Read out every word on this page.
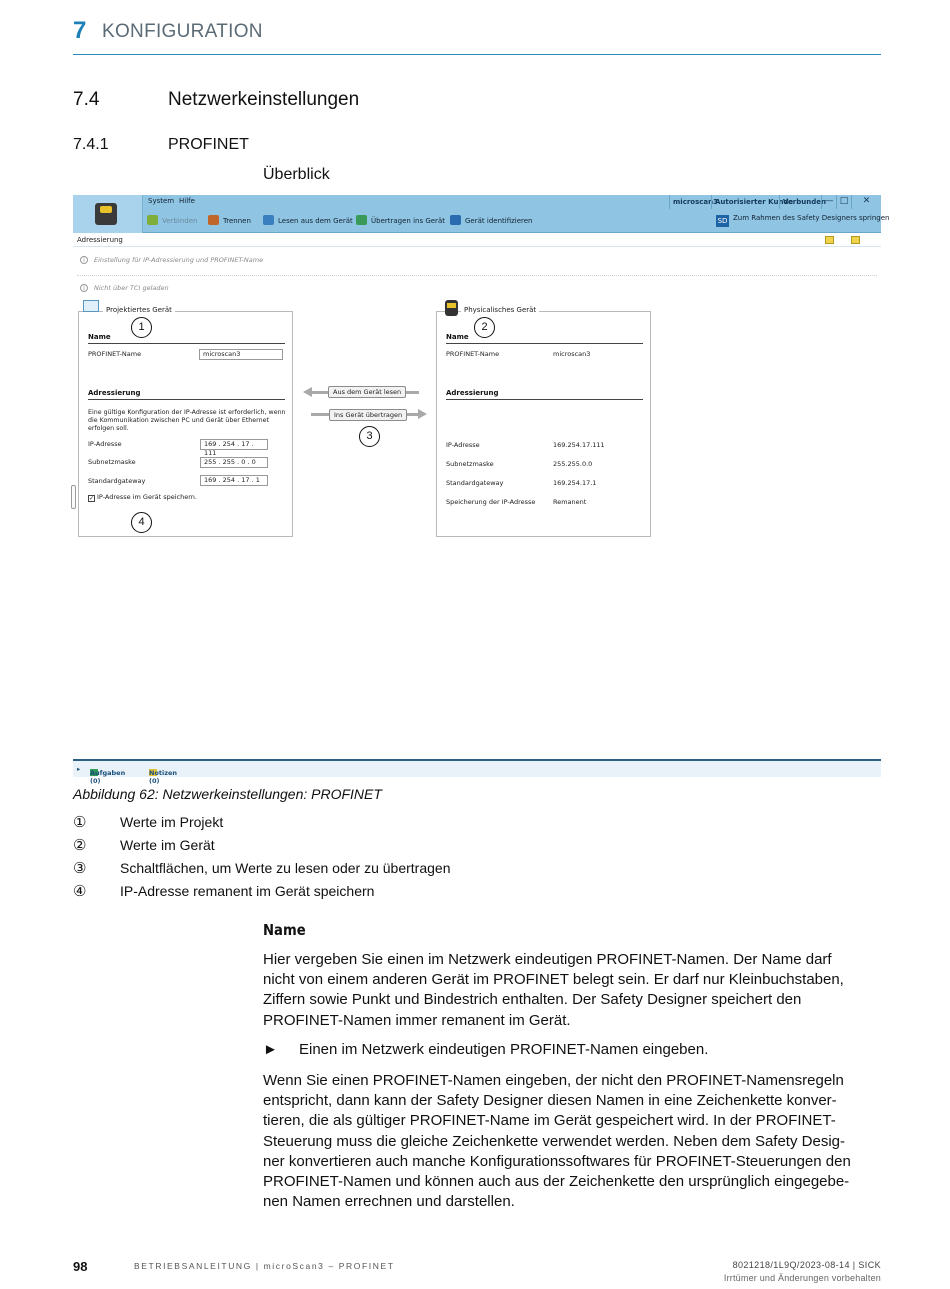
7 KONFIGURATION
7.4	Netzwerkeinstellungen
7.4.1	PROFINET
Überblick
System Hilfe	microscan3
Autorisierter Kunde
Verbunden
— □	✕
Verbinden	Trennen	Lesen aus dem Gerät	Übertragen ins Gerät	Gerät identifizieren	SD Zum Rahmen des Safety Designers springen
Adressierung
i Einstellung für IP-Adressierung und PROFINET-Name
i Nicht über TCI geladen
Projektiertes Gerät
Name
PROFINET-Name	microscan3
Adressierung
Eine gültige Konfiguration der IP-Adresse ist erforderlich, wenn die Kommunikation zwischen PC und Gerät über Ethernet erfolgen soll.
IP-Adresse	169 . 254 . 17 . 111
Subnetzmaske	255 . 255 . 0 . 0
Standardgateway	169 . 254 . 17 . 1
✓ IP-Adresse im Gerät speichern.
Physicalisches Gerät
Name
PROFINET-Name	microscan3
Adressierung
IP-Adresse	169.254.17.111
Subnetzmaske	255.255.0.0
Standardgateway	169.254.17.1
Speicherung der IP-Adresse	Remanent
Aus dem Gerät lesen
Ins Gerät übertragen
1	2
3
4
▸ Aufgaben (0)
Notizen (0)
Abbildung 62: Netzwerkeinstellungen: PROFINET
① Werte im Projekt
② Werte im Gerät
③ Schaltflächen, um Werte zu lesen oder zu übertragen
④ IP-Adresse remanent im Gerät speichern
Name
Hier vergeben Sie einen im Netzwerk eindeutigen PROFINET-Namen. Der Name darf
nicht von einem anderen Gerät im PROFINET belegt sein. Er darf nur Kleinbuchstaben,
Ziffern sowie Punkt und Bindestrich enthalten. Der Safety Designer speichert den
PROFINET-Namen immer remanent im Gerät.
► Einen im Netzwerk eindeutigen PROFINET-Namen eingeben.
Wenn Sie einen PROFINET-Namen eingeben, der nicht den PROFINET-Namensregeln
entspricht, dann kann der Safety Designer diesen Namen in eine Zeichenkette konver-
tieren, die als gültiger PROFINET-Name im Gerät gespeichert wird. In der PROFINET-
Steuerung muss die gleiche Zeichenkette verwendet werden. Neben dem Safety Desig-
ner konvertieren auch manche Konfigurationssoftwares für PROFINET-Steuerungen den
PROFINET-Namen und können auch aus der Zeichenkette den ursprünglich eingegebe-
nen Namen errechnen und darstellen.
98	BETRIEBSANLEITUNG | microScan3 – PROFINET	8021218/1L9Q/2023-08-14 | SICK
Irrtümer und Änderungen vorbehalten
